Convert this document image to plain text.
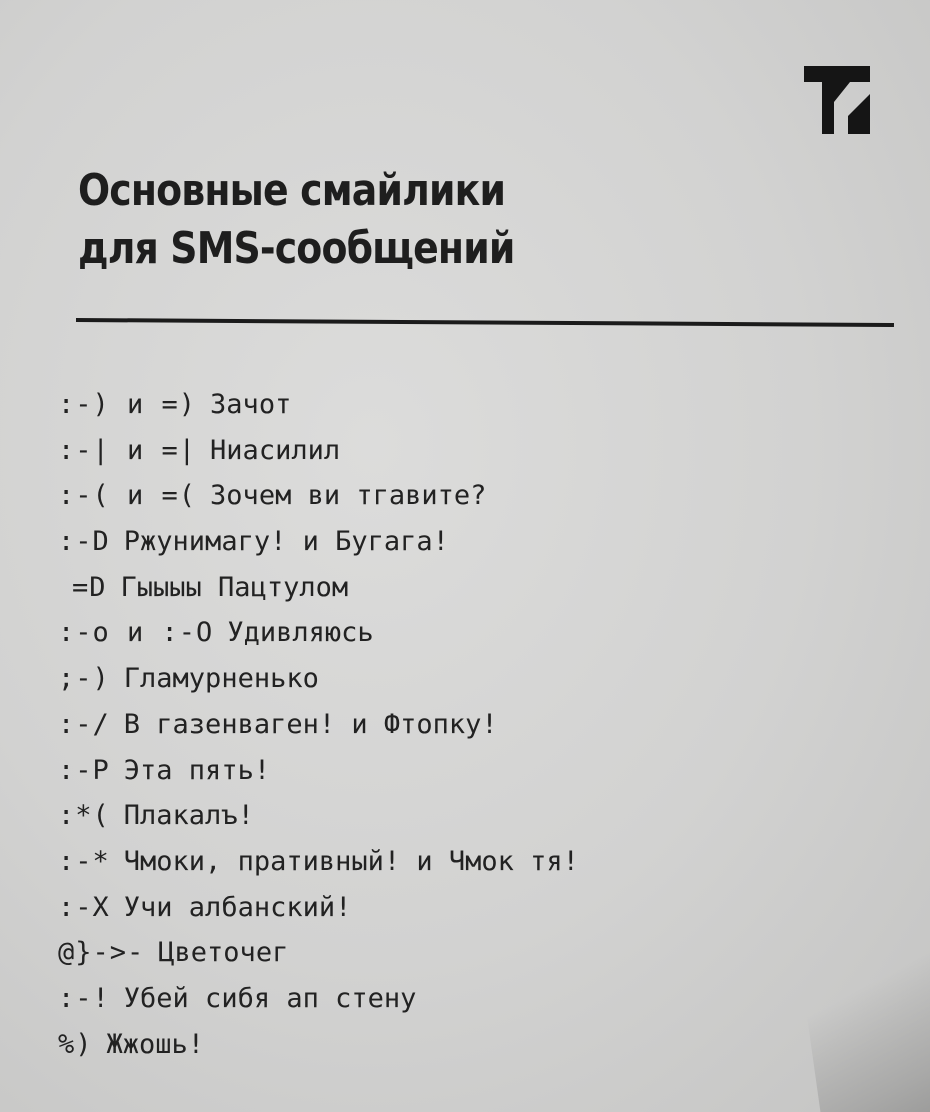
Основные смайлики
для SMS-сообщений
:-) и =) Зачот
:-| и =| Ниасилил
:-( и =( Зочем ви тгавите?
:-D Ржунимагу! и Бугага!
=D Гыыыы Пацтулом
:-o и :-O Удивляюсь
;-) Гламурненько
:-/ В газенваген! и Фтопку!
:-P Эта пять!
:*( Плакалъ!
:-* Чмоки, пративный! и Чмок тя!
:-X Учи албанский!
@}->- Цветочег
:-! Убей сибя ап стену
%) Жжошь!
